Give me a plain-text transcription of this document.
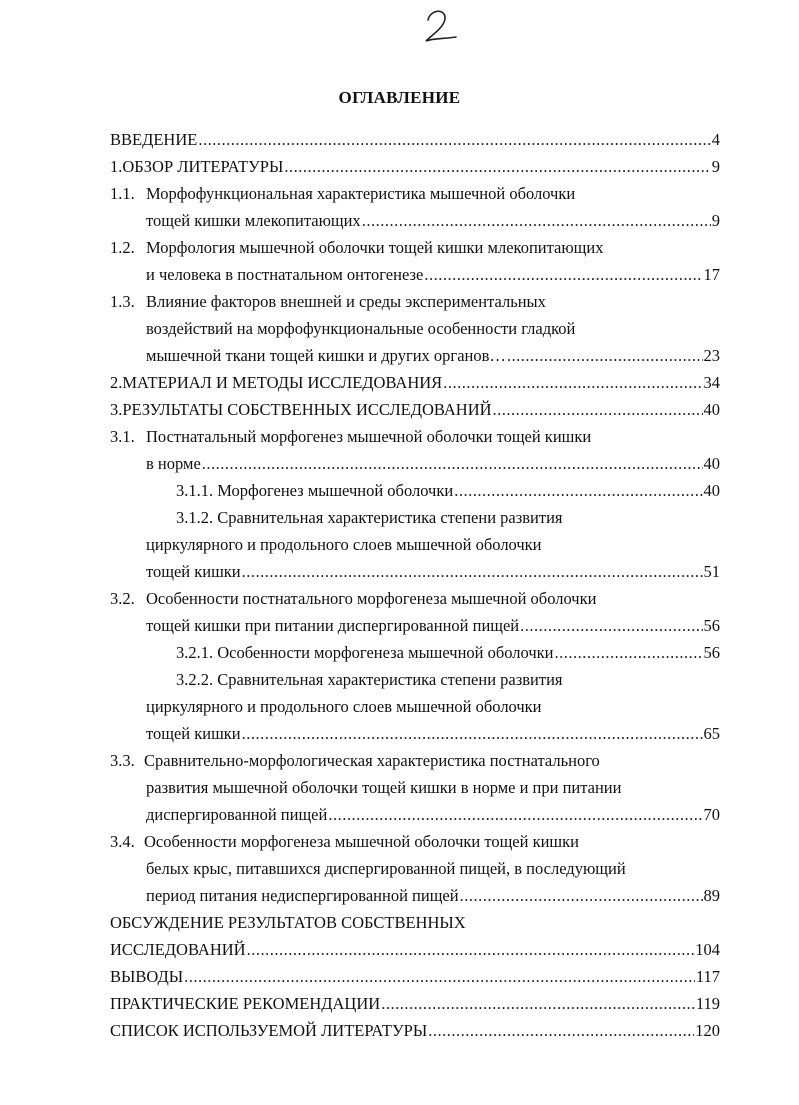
ОГЛАВЛЕНИЕ
ВВЕДЕНИЕ .....	4
1. ОБЗОР ЛИТЕРАТУРЫ .....	9
1.1. Морфофункциональная характеристика мышечной оболочки
тощей кишки млекопитающих .....	9
1.2. Морфология мышечной оболочки тощей кишки млекопитающих
и человека в постнатальном онтогенезе .....	17
1.3. Влияние факторов внешней и среды экспериментальных
воздействий на морфофункциональные особенности гладкой
мышечной ткани тощей кишки и других органов… .....	23
2. МАТЕРИАЛ И МЕТОДЫ ИССЛЕДОВАНИЯ .....	34
3. РЕЗУЛЬТАТЫ СОБСТВЕННЫХ ИССЛЕДОВАНИЙ .....	40
3.1. Постнатальный морфогенез мышечной оболочки тощей кишки
в норме .....	40
3.1.1. Морфогенез мышечной оболочки .....	40
3.1.2. Сравнительная характеристика степени развития
циркулярного и продольного слоев мышечной оболочки
тощей кишки .....	51
3.2. Особенности постнатального морфогенеза мышечной оболочки
тощей кишки при питании диспергированной пищей .....	56
3.2.1. Особенности морфогенеза мышечной оболочки .....	56
3.2.2. Сравнительная характеристика степени развития
циркулярного и продольного слоев мышечной оболочки
тощей кишки .....	65
3.3. Сравнительно-морфологическая характеристика постнатального
развития мышечной оболочки тощей кишки в норме и при питании
диспергированной пищей .....	70
3.4. Особенности морфогенеза мышечной оболочки тощей кишки
белых крыс, питавшихся диспергированной пищей, в последующий
период питания недиспергированной пищей .....	89
ОБСУЖДЕНИЕ РЕЗУЛЬТАТОВ СОБСТВЕННЫХ
ИССЛЕДОВАНИЙ .....	104
ВЫВОДЫ .....	117
ПРАКТИЧЕСКИЕ РЕКОМЕНДАЦИИ .....	119
СПИСОК ИСПОЛЬЗУЕМОЙ ЛИТЕРАТУРЫ .....	120
